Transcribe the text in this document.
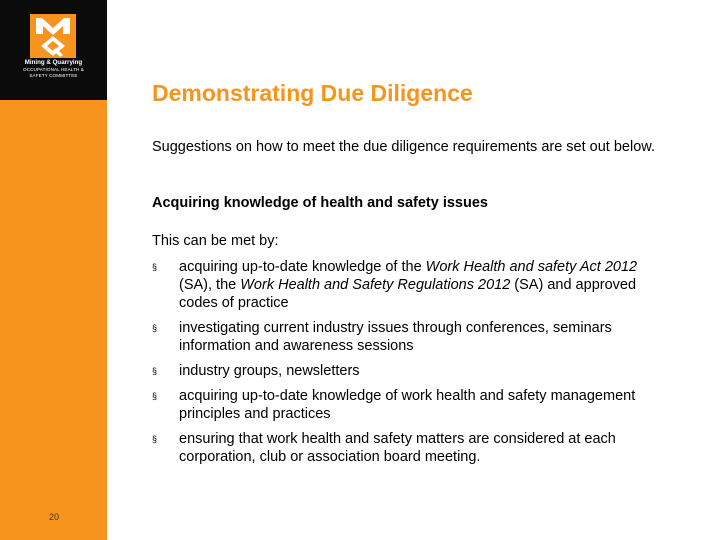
Mining & Quarrying
OCCUPATIONAL HEALTH &
SAFETY COMMITTEE
20
Demonstrating Due Diligence

Suggestions on how to meet the due diligence requirements are set out below.

Acquiring knowledge of health and safety issues

This can be met by:

§ acquiring up-to-date knowledge of the Work Health and safety Act 2012 (SA), the Work Health and Safety Regulations 2012 (SA) and approved codes of practice
§ investigating current industry issues through conferences, seminars information and awareness sessions
§ industry groups, newsletters
§ acquiring up-to-date knowledge of work health and safety management principles and practices
§ ensuring that work health and safety matters are considered at each corporation, club or association board meeting.
